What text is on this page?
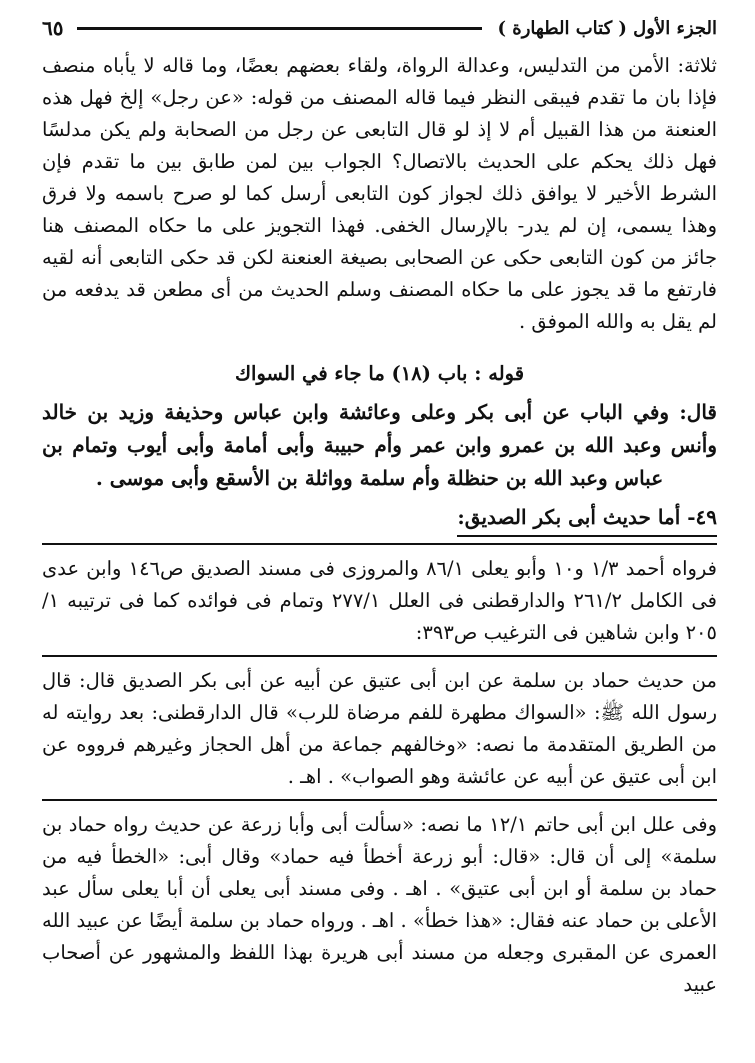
الجزء الأول ( كتاب الطهارة )
٦٥

ثلاثة: الأمن من التدليس، وعدالة الرواة، ولقاء بعضهم بعضًا، وما قاله لا يأباه منصف فإذا بان ما تقدم فيبقى النظر فيما قاله المصنف من قوله: «عن رجل» إلخ فهل هذه العنعنة من هذا القبيل أم لا إذ لو قال التابعى عن رجل من الصحابة ولم يكن مدلسًا فهل ذلك يحكم على الحديث بالاتصال؟ الجواب بين لمن طابق بين ما تقدم فإن الشرط الأخير لا يوافق ذلك لجواز كون التابعى أرسل كما لو صرح باسمه ولا فرق وهذا يسمى، إن لم يدر- بالإرسال الخفى. فهذا التجويز على ما حكاه المصنف هنا جائز من كون التابعى حكى عن الصحابى بصيغة العنعنة لكن قد حكى التابعى أنه لقيه فارتفع ما قد يجوز على ما حكاه المصنف وسلم الحديث من أى مطعن قد يدفعه من لم يقل به والله الموفق .

قوله : باب (١٨) ما جاء في السواك

قال: وفي الباب عن أبى بكر وعلى وعائشة وابن عباس وحذيفة وزيد بن خالد وأنس وعبد الله بن عمرو وابن عمر وأم حبيبة وأبى أمامة وأبى أيوب وتمام بن عباس وعبد الله بن حنظلة وأم سلمة وواثلة بن الأسقع وأبى موسى .

٤٩- أما حديث أبى بكر الصديق:

فرواه أحمد ١/٣ و١٠ وأبو يعلى ٨٦/١ والمروزى فى مسند الصديق ص١٤٦ وابن عدى فى الكامل ٢٦١/٢ والدارقطنى فى العلل ٢٧٧/١ وتمام فى فوائده كما فى ترتيبه ١/ ٢٠٥ وابن شاهين فى الترغيب ص٣٩٣:

من حديث حماد بن سلمة عن ابن أبى عتيق عن أبيه عن أبى بكر الصديق قال: قال رسول الله ﷺ: «السواك مطهرة للفم مرضاة للرب» قال الدارقطنى: بعد روايته له من الطريق المتقدمة ما نصه: «وخالفهم جماعة من أهل الحجاز وغيرهم فرووه عن ابن أبى عتيق عن أبيه عن عائشة وهو الصواب» . اهـ .

وفى علل ابن أبى حاتم ١٢/١ ما نصه: «سألت أبى وأبا زرعة عن حديث رواه حماد بن سلمة» إلى أن قال: «قال: أبو زرعة أخطأ فيه حماد» وقال أبى: «الخطأ فيه من حماد بن سلمة أو ابن أبى عتيق» . اهـ . وفى مسند أبى يعلى أن أبا يعلى سأل عبد الأعلى بن حماد عنه فقال: «هذا خطأ» . اهـ . ورواه حماد بن سلمة أيضًا عن عبيد الله العمرى عن المقبرى وجعله من مسند أبى هريرة بهذا اللفظ والمشهور عن أصحاب عبيد
